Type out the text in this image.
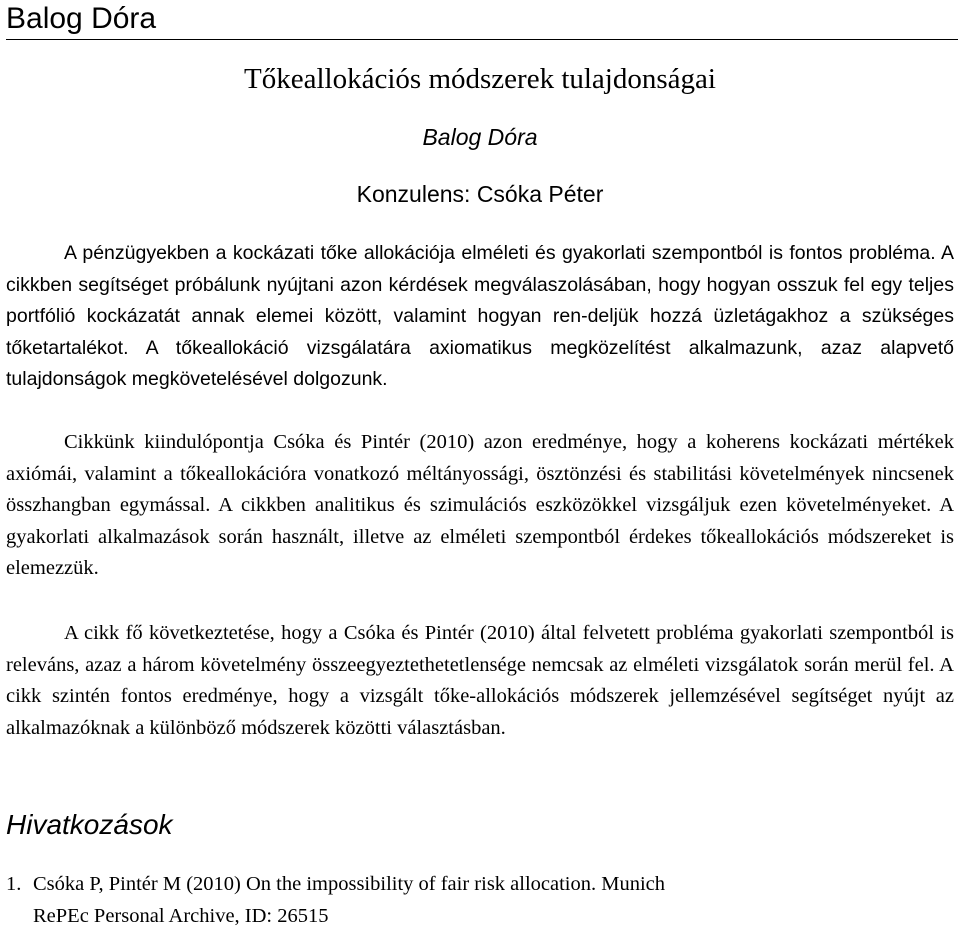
Balog Dóra
Tőkeallokációs módszerek tulajdonságai
Balog Dóra
Konzulens: Csóka Péter

A pénzügyekben a kockázati tőke allokációja elméleti és gyakorlati szempontból is fontos probléma. A cikkben segítséget próbálunk nyújtani azon kérdések megválaszolásában, hogy hogyan osszuk fel egy teljes portfólió kockázatát annak elemei között, valamint hogyan ren-deljük hozzá üzletágakhoz a szükséges tőketartalékot. A tőkeallokáció vizsgálatára axiomatikus megközelítést alkalmazunk, azaz alapvető tulajdonságok megkövetelésével dolgozunk.

Cikkünk kiindulópontja Csóka és Pintér (2010) azon eredménye, hogy a koherens kockázati mértékek axiómái, valamint a tőkeallokációra vonatkozó méltányossági, ösztönzési és stabilitási követelmények nincsenek összhangban egymással. A cikkben analitikus és szimulációs eszközökkel vizsgáljuk ezen követelményeket. A gyakorlati alkalmazások során használt, illetve az elméleti szempontból érdekes tőkeallokációs módszereket is elemezzük.

A cikk fő következtetése, hogy a Csóka és Pintér (2010) által felvetett probléma gyakorlati szempontból is releváns, azaz a három követelmény összeegyeztethetetlensége nemcsak az elméleti vizsgálatok során merül fel. A cikk szintén fontos eredménye, hogy a vizsgált tőke-allokációs módszerek jellemzésével segítséget nyújt az alkalmazóknak a különböző módszerek közötti választásban.

Hivatkozások
1. Csóka P, Pintér M (2010) On the impossibility of fair risk allocation. Munich
RePEc Personal Archive, ID: 26515
